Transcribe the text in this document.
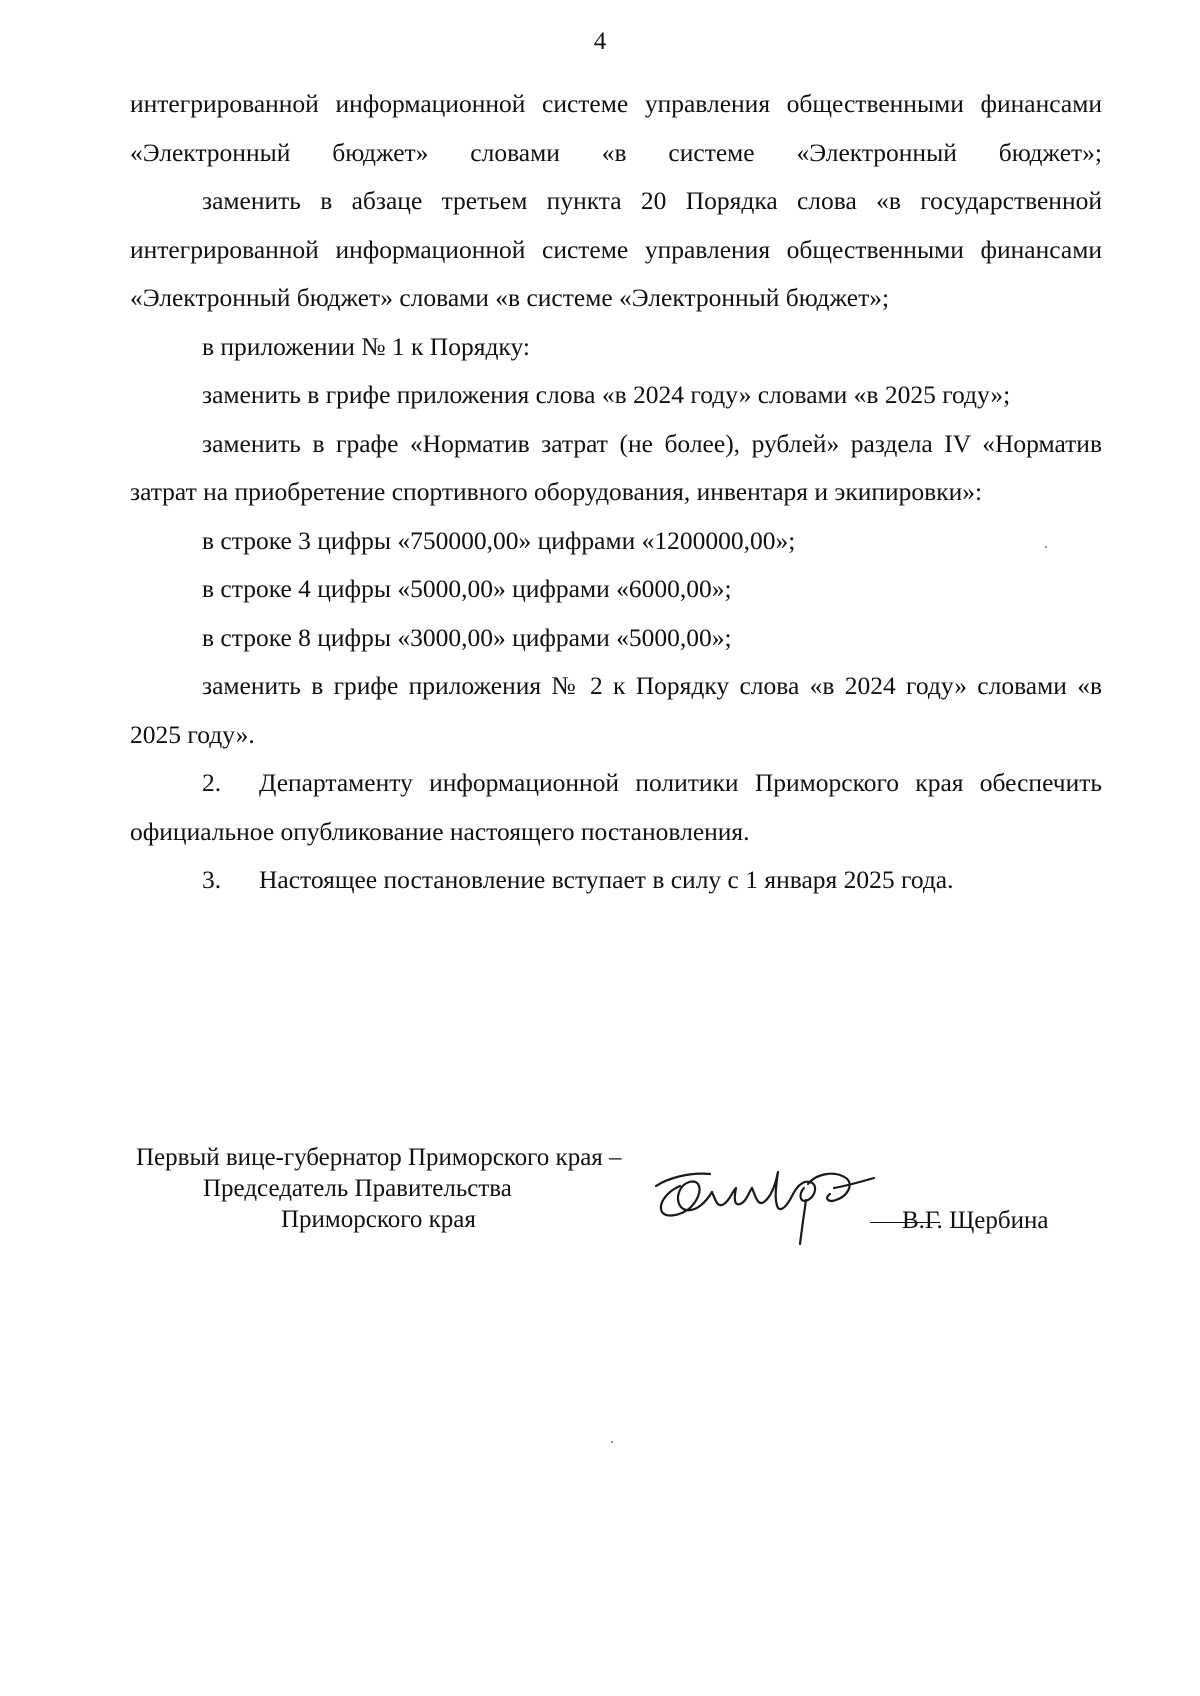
4

интегрированной информационной системе управления общественными финансами «Электронный бюджет» словами «в системе «Электронный бюджет»;

заменить в абзаце третьем пункта 20 Порядка слова «в государственной интегрированной информационной системе управления общественными финансами «Электронный бюджет» словами «в системе «Электронный бюджет»;

в приложении № 1 к Порядку:

заменить в грифе приложения слова «в 2024 году» словами «в 2025 году»;

заменить в графе «Норматив затрат (не более), рублей» раздела IV «Норматив затрат на приобретение спортивного оборудования, инвентаря и экипировки»:

в строке 3 цифры «750000,00» цифрами «1200000,00»;

в строке 4 цифры «5000,00» цифрами «6000,00»;

в строке 8 цифры «3000,00» цифрами «5000,00»;

заменить в грифе приложения № 2 к Порядку слова «в 2024 году» словами «в 2025 году».

2. Департаменту информационной политики Приморского края обеспечить официальное опубликование настоящего постановления.

3. Настоящее постановление вступает в силу с 1 января 2025 года.

Первый вице-губернатор Приморского края –
Председатель Правительства
Приморского края	В.Г. Щербина
